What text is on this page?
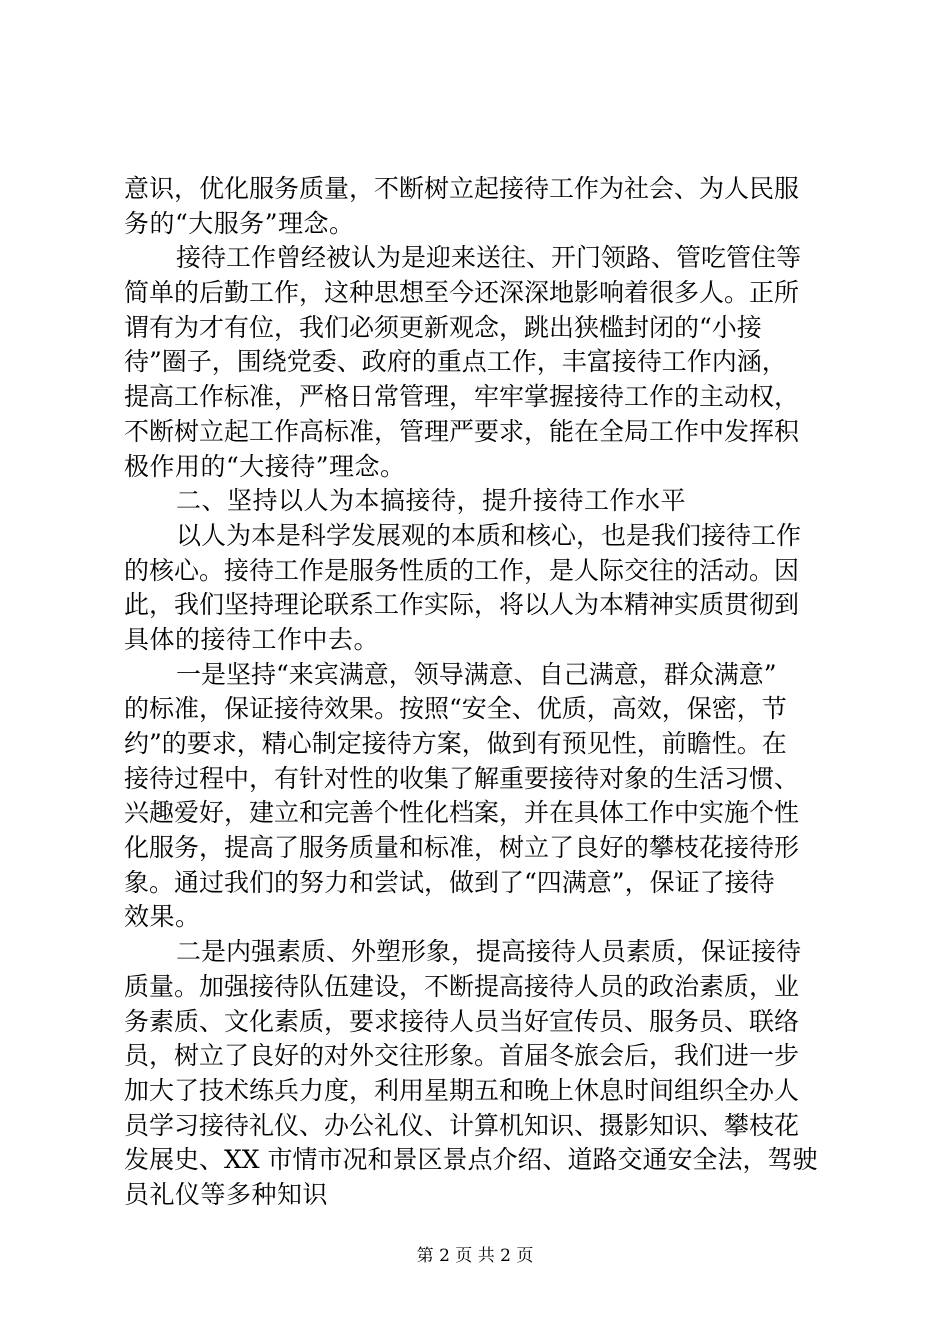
意识，优化服务质量，不断树立起接待工作为社会、为人民服
务的“大服务”理念。
接待工作曾经被认为是迎来送往、开门领路、管吃管住等
简单的后勤工作，这种思想至今还深深地影响着很多人。正所
谓有为才有位，我们必须更新观念，跳出狭槛封闭的“小接
待”圈子，围绕党委、政府的重点工作，丰富接待工作内涵，
提高工作标准，严格日常管理，牢牢掌握接待工作的主动权，
不断树立起工作高标准，管理严要求，能在全局工作中发挥积
极作用的“大接待”理念。
二、坚持以人为本搞接待，提升接待工作水平
以人为本是科学发展观的本质和核心，也是我们接待工作
的核心。接待工作是服务性质的工作，是人际交往的活动。因
此，我们坚持理论联系工作实际，将以人为本精神实质贯彻到
具体的接待工作中去。
一是坚持“来宾满意，领导满意、自己满意，群众满意”
的标准，保证接待效果。按照“安全、优质，高效，保密，节
约”的要求，精心制定接待方案，做到有预见性，前瞻性。在
接待过程中，有针对性的收集了解重要接待对象的生活习惯、
兴趣爱好，建立和完善个性化档案，并在具体工作中实施个性
化服务，提高了服务质量和标准，树立了良好的攀枝花接待形
象。通过我们的努力和尝试，做到了“四满意”，保证了接待
效果。
二是内强素质、外塑形象，提高接待人员素质，保证接待
质量。加强接待队伍建设，不断提高接待人员的政治素质，业
务素质、文化素质，要求接待人员当好宣传员、服务员、联络
员，树立了良好的对外交往形象。首届冬旅会后，我们进一步
加大了技术练兵力度，利用星期五和晚上休息时间组织全办人
员学习接待礼仪、办公礼仪、计算机知识、摄影知识、攀枝花
发展史、XX 市情市况和景区景点介绍、道路交通安全法，驾驶
员礼仪等多种知识
第 2 页 共 2 页
